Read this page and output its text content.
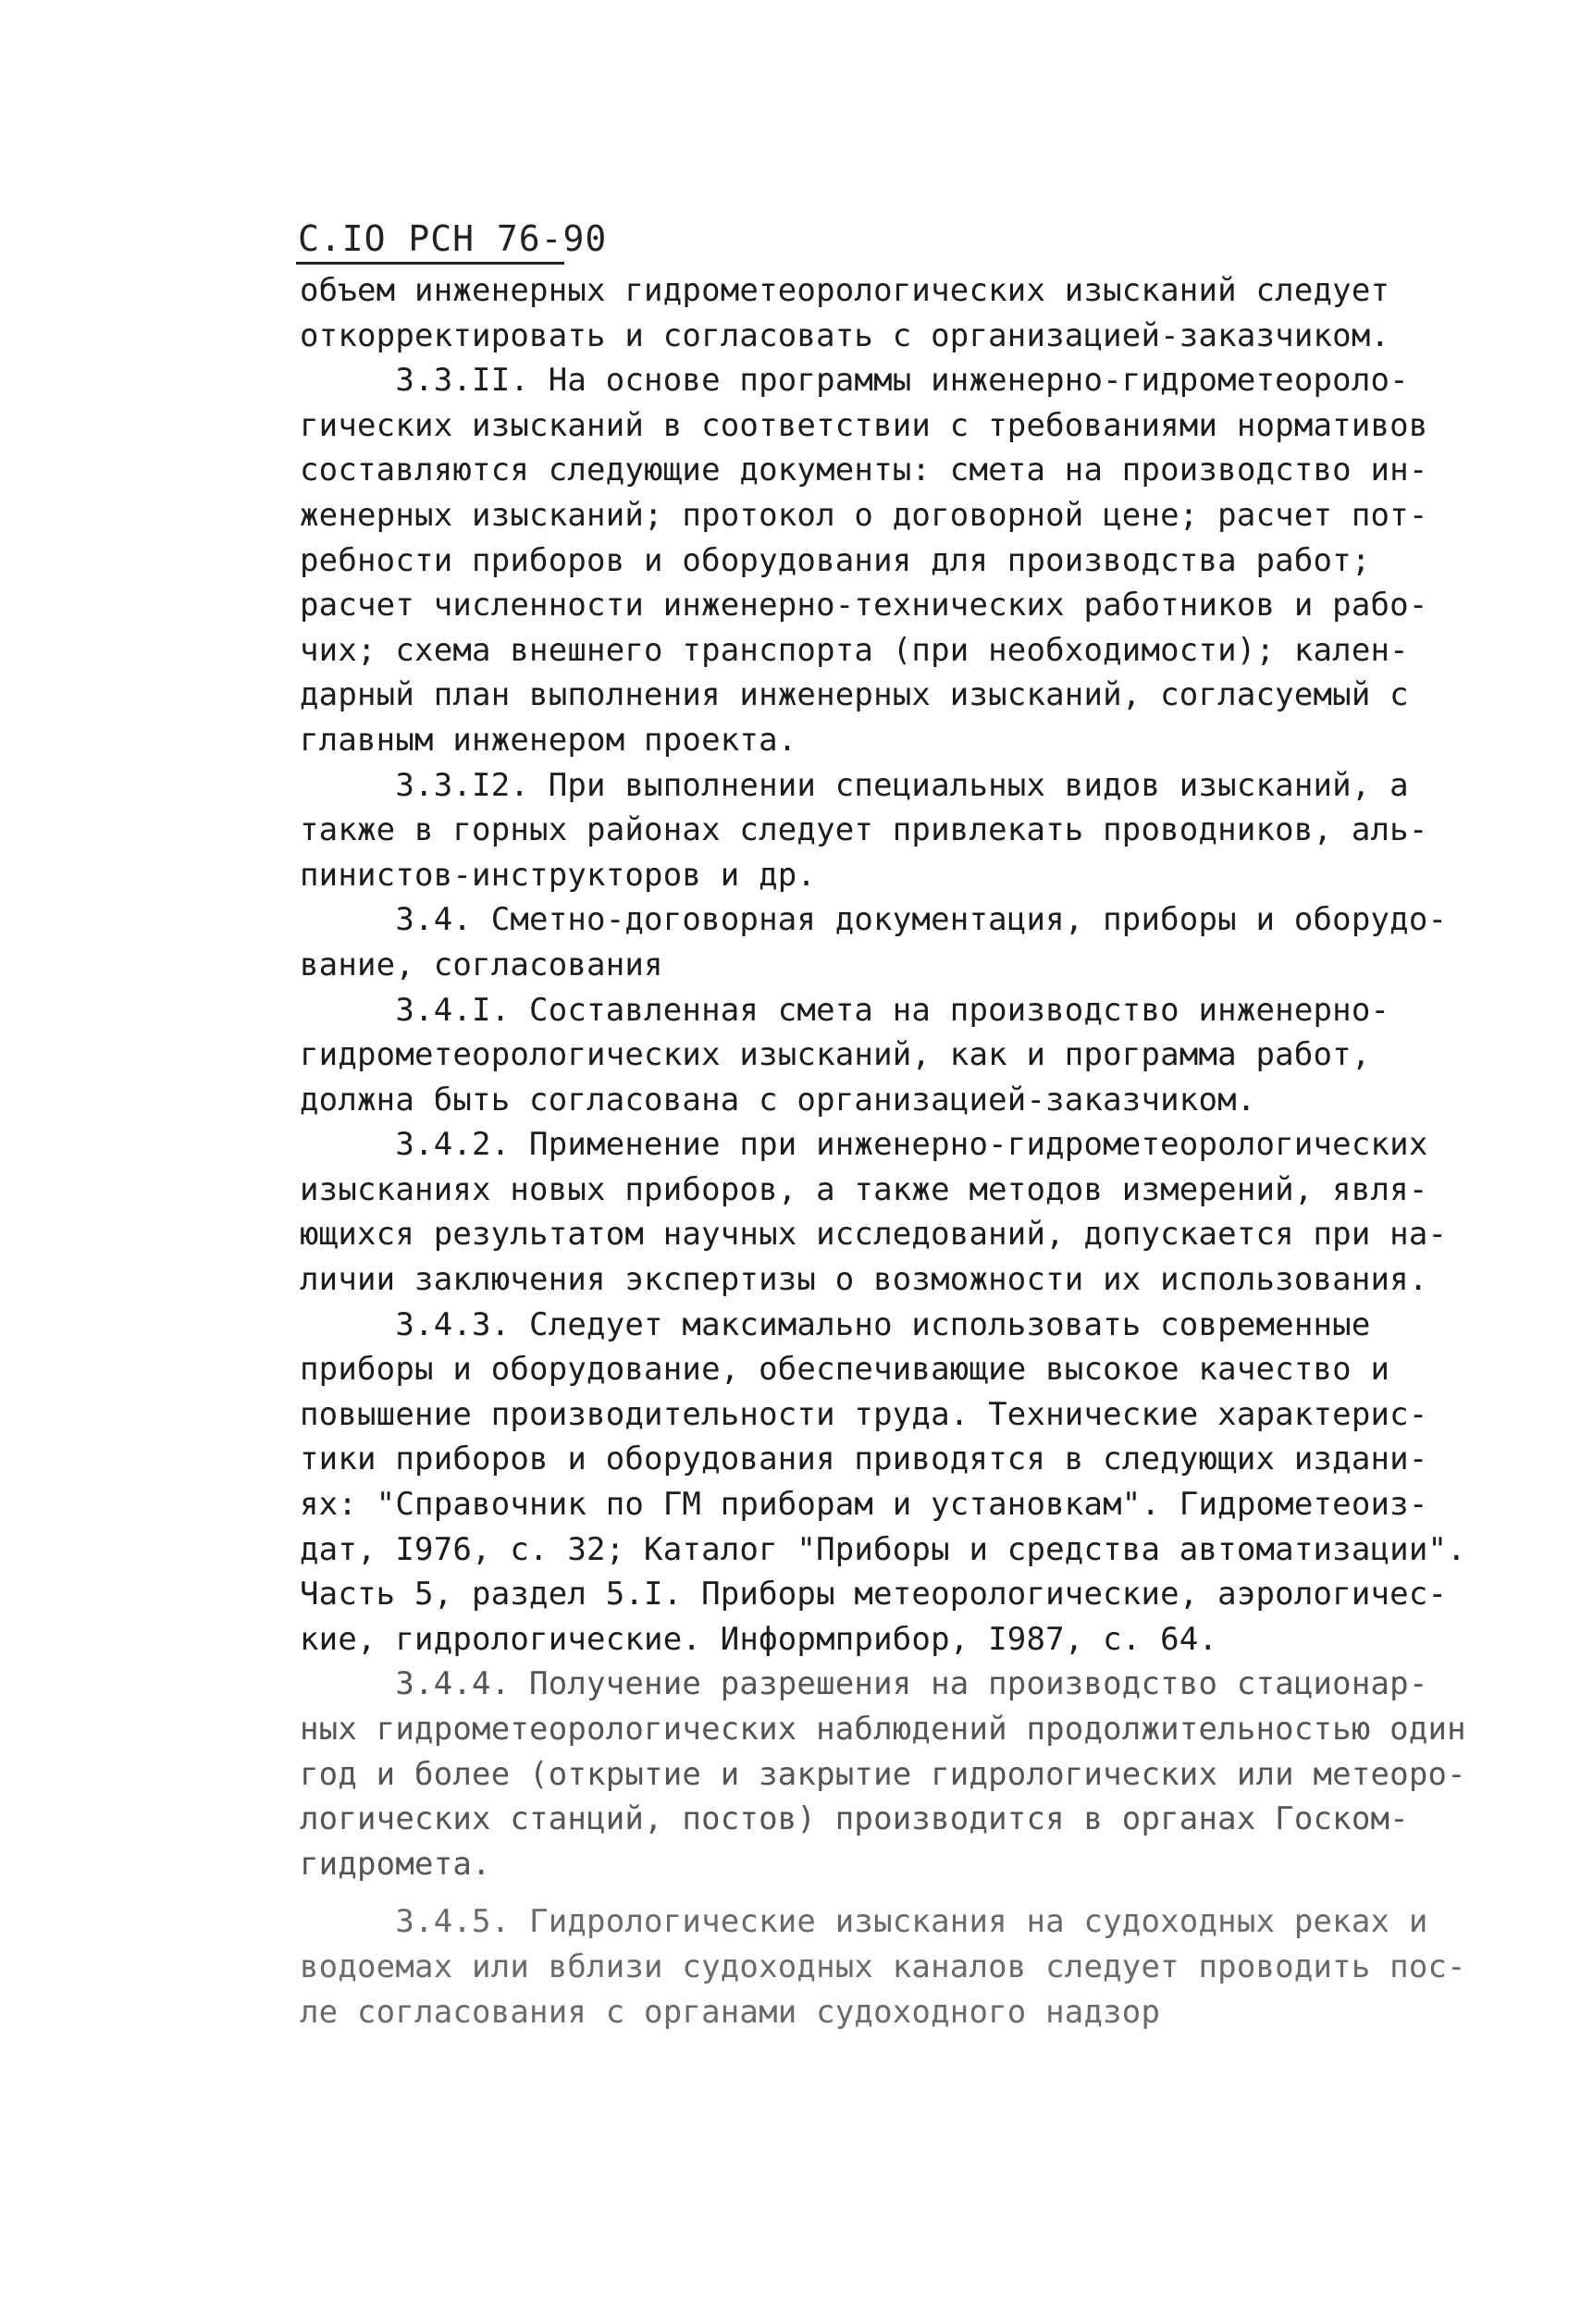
С.IO РСН 76-90
объем инженерных гидрометеорологических изысканий следует
откорректировать и согласовать с организацией-заказчиком.
3.3.II. На основе программы инженерно-гидрометеороло-
гических изысканий в соответствии с требованиями нормативов
составляются следующие документы: смета на производство ин-
женерных изысканий; протокол о договорной цене; расчет пот-
ребности приборов и оборудования для производства работ;
расчет численности инженерно-технических работников и рабо-
чих; схема внешнего транспорта (при необходимости); кален-
дарный план выполнения инженерных изысканий, согласуемый с
главным инженером проекта.
3.3.I2. При выполнении специальных видов изысканий, а
также в горных районах следует привлекать проводников, аль-
пинистов-инструкторов и др.
3.4. Сметно-договорная документация, приборы и оборудо-
вание, согласования
3.4.I. Составленная смета на производство инженерно-
гидрометеорологических изысканий, как и программа работ,
должна быть согласована с организацией-заказчиком.
3.4.2. Применение при инженерно-гидрометеорологических
изысканиях новых приборов, а также методов измерений, явля-
ющихся результатом научных исследований, допускается при на-
личии заключения экспертизы о возможности их использования.
3.4.3. Следует максимально использовать современные
приборы и оборудование, обеспечивающие высокое качество и
повышение производительности труда. Технические характерис-
тики приборов и оборудования приводятся в следующих издани-
ях: "Справочник по ГМ приборам и установкам". Гидрометеоиз-
дат, I976, с. 32; Каталог "Приборы и средства автоматизации".
Часть 5, раздел 5.I. Приборы метеорологические, аэрологичес-
кие, гидрологические. Информприбор, I987, с. 64.
3.4.4. Получение разрешения на производство стационар-
ных гидрометеорологических наблюдений продолжительностью один
год и более (открытие и закрытие гидрологических или метеоро-
логических станций, постов) производится в органах Госком-
гидромета.
3.4.5. Гидрологические изыскания на судоходных реках и
водоемах или вблизи судоходных каналов следует проводить пос-
ле согласования с органами судоходного надзор
